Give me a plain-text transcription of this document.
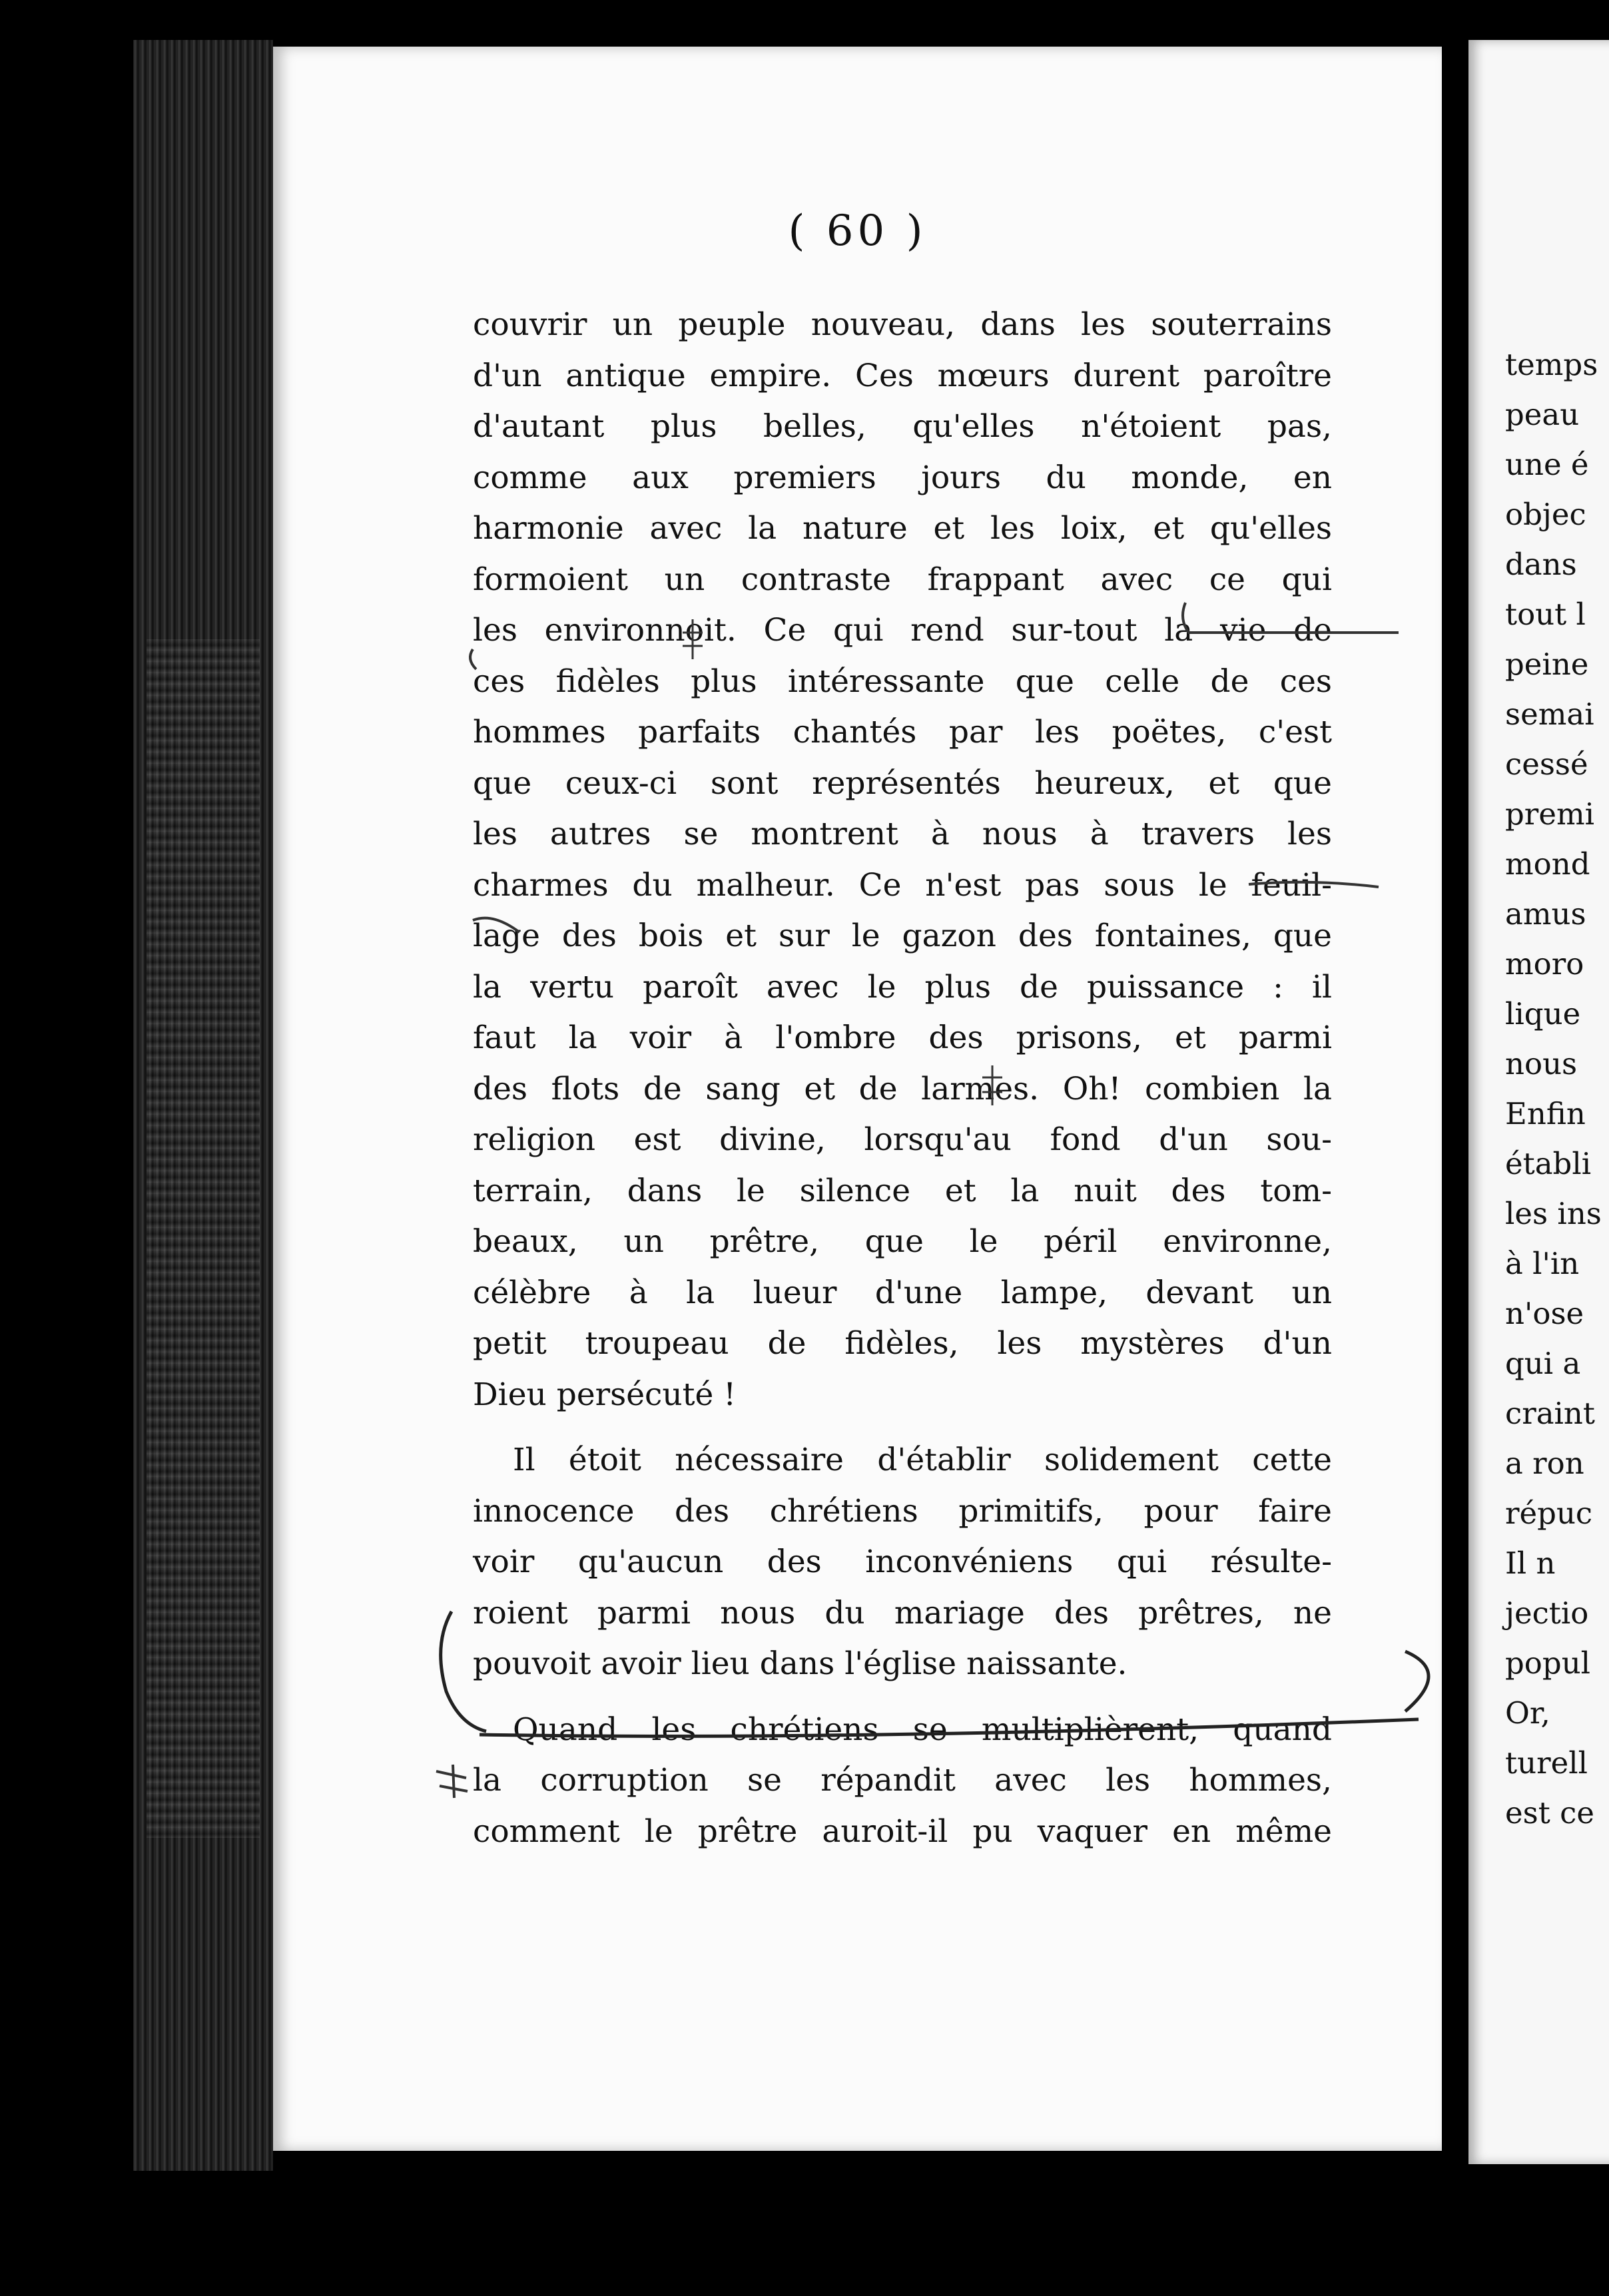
( 60 )
couvrir un peuple nouveau, dans les souterrains
d'un antique empire. Ces mœurs durent paroître
d'autant plus belles, qu'elles n'étoient pas,
comme aux premiers jours du monde, en
harmonie avec la nature et les loix, et qu'elles
formoient un contraste frappant avec ce qui
les environnoit. Ce qui rend sur-tout la vie de
ces fidèles plus intéressante que celle de ces
hommes parfaits chantés par les poëtes, c'est
que ceux-ci sont représentés heureux, et que
les autres se montrent à nous à travers les
charmes du malheur. Ce n'est pas sous le feuil-
lage des bois et sur le gazon des fontaines, que
la vertu paroît avec le plus de puissance : il
faut la voir à l'ombre des prisons, et parmi
des flots de sang et de larmes. Oh! combien la
religion est divine, lorsqu'au fond d'un sou-
terrain, dans le silence et la nuit des tom-
beaux, un prêtre, que le péril environne,
célèbre à la lueur d'une lampe, devant un
petit troupeau de fidèles, les mystères d'un
Dieu persécuté !
Il étoit nécessaire d'établir solidement cette
innocence des chrétiens primitifs, pour faire
voir qu'aucun des inconvéniens qui résulte-
roient parmi nous du mariage des prêtres, ne
pouvoit avoir lieu dans l'église naissante.
Quand les chrétiens se multiplièrent, quand
la corruption se répandit avec les hommes,
comment le prêtre auroit-il pu vaquer en même
temps
peau
une é
objec
dans
tout l
peine
semai
cessé
premi
mond
amus
moro
lique
nous
Enfin
établi
les ins
à l'in
n'ose
qui a
craint
a ron
répuc
Il n
jectio
popul
Or,
turell
est ce
